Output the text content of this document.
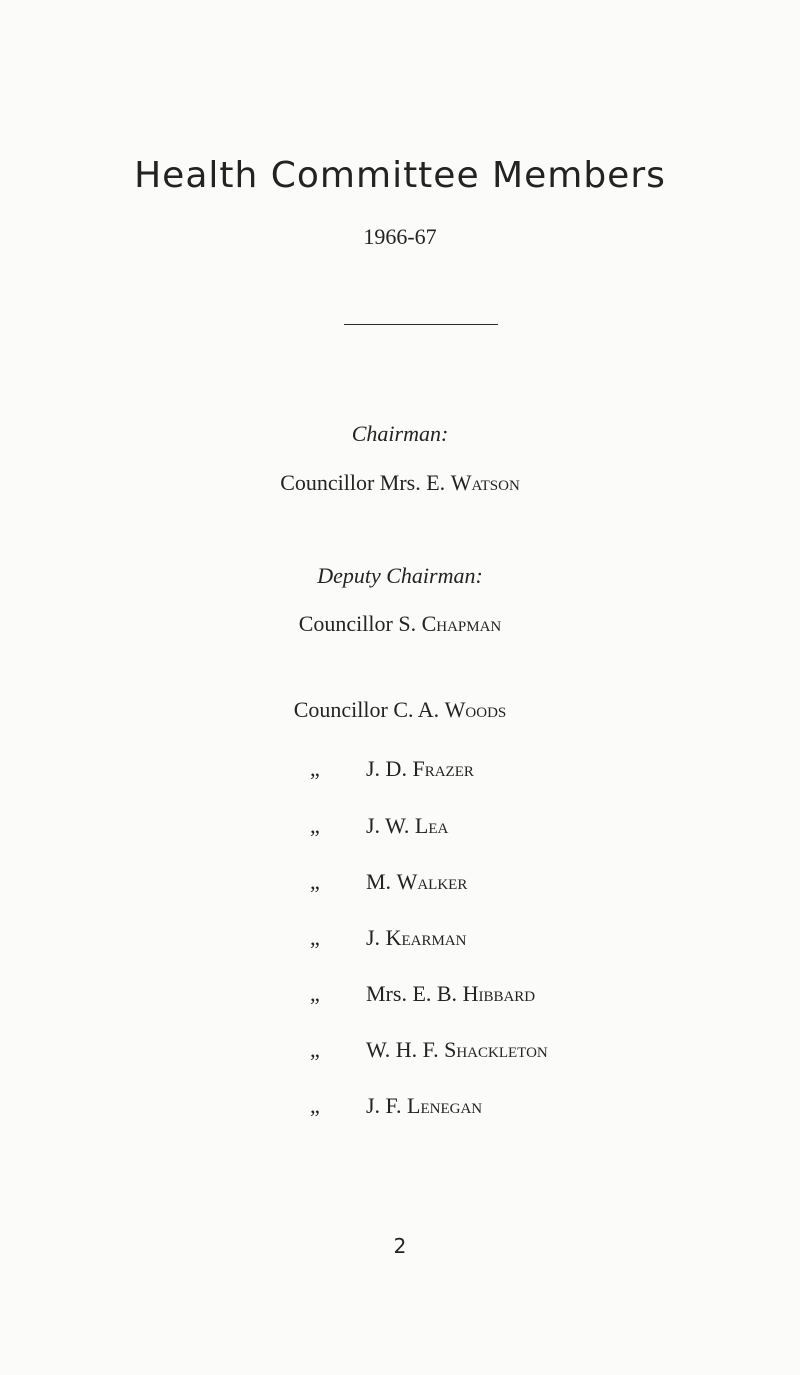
Health Committee Members
1966-67
Chairman:
Councillor Mrs. E. Watson
Deputy Chairman:
Councillor S. Chapman
Councillor C. A. Woods
„ J. D. Frazer
„ J. W. Lea
„ M. Walker
„ J. Kearman
„ Mrs. E. B. Hibbard
„ W. H. F. Shackleton
„ J. F. Lenegan
2
